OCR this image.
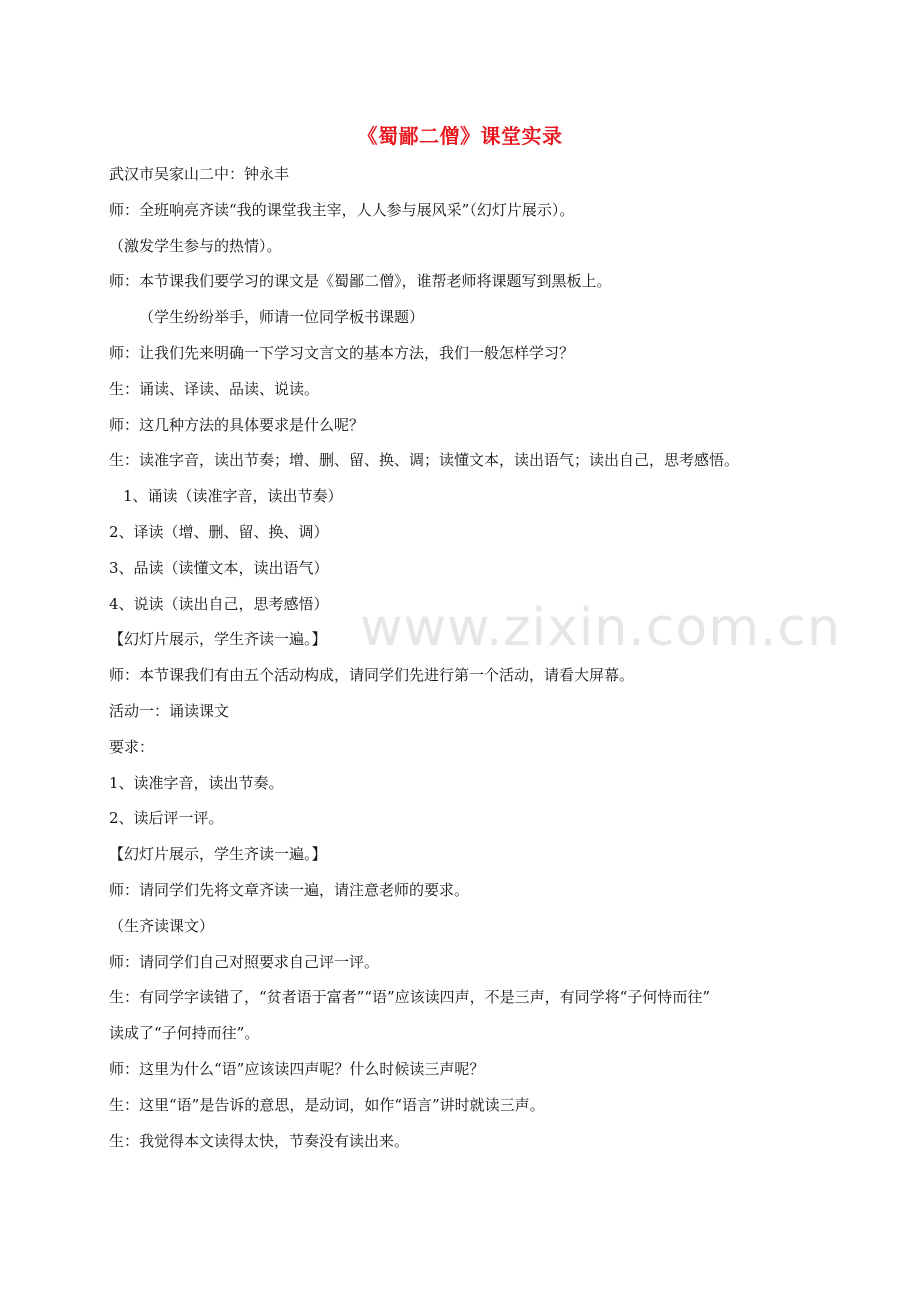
《蜀鄙二僧》课堂实录
武汉市吴家山二中：钟永丰
师：全班响亮齐读“我的课堂我主宰，人人参与展风采”（幻灯片展示）。
（激发学生参与的热情）。
师：本节课我们要学习的课文是《蜀鄙二僧》，谁帮老师将课题写到黑板上。
（学生纷纷举手，师请一位同学板书课题）
师：让我们先来明确一下学习文言文的基本方法，我们一般怎样学习？
生：诵读、译读、品读、说读。
师：这几种方法的具体要求是什么呢？
生：读准字音，读出节奏；增、删、留、换、调；读懂文本，读出语气；读出自己，思考感悟。
1、诵读（读准字音，读出节奏）
2、译读（增、删、留、换、调）
3、品读（读懂文本，读出语气）
4、说读（读出自己，思考感悟）
【幻灯片展示，学生齐读一遍。】
师：本节课我们有由五个活动构成，请同学们先进行第一个活动，请看大屏幕。
活动一：诵读课文
要求：
1、读准字音，读出节奏。
2、读后评一评。
【幻灯片展示，学生齐读一遍。】
师：请同学们先将文章齐读一遍，请注意老师的要求。
（生齐读课文）
师：请同学们自己对照要求自己评一评。
生：有同学字读错了，“贫者语于富者”“语”应该读四声，不是三声，有同学将“子何恃而往”
读成了“子何持而往”。
师：这里为什么“语”应该读四声呢？什么时候读三声呢？
生：这里“语”是告诉的意思，是动词，如作“语言”讲时就读三声。
生：我觉得本文读得太快，节奏没有读出来。
www.zixin.com.cn
